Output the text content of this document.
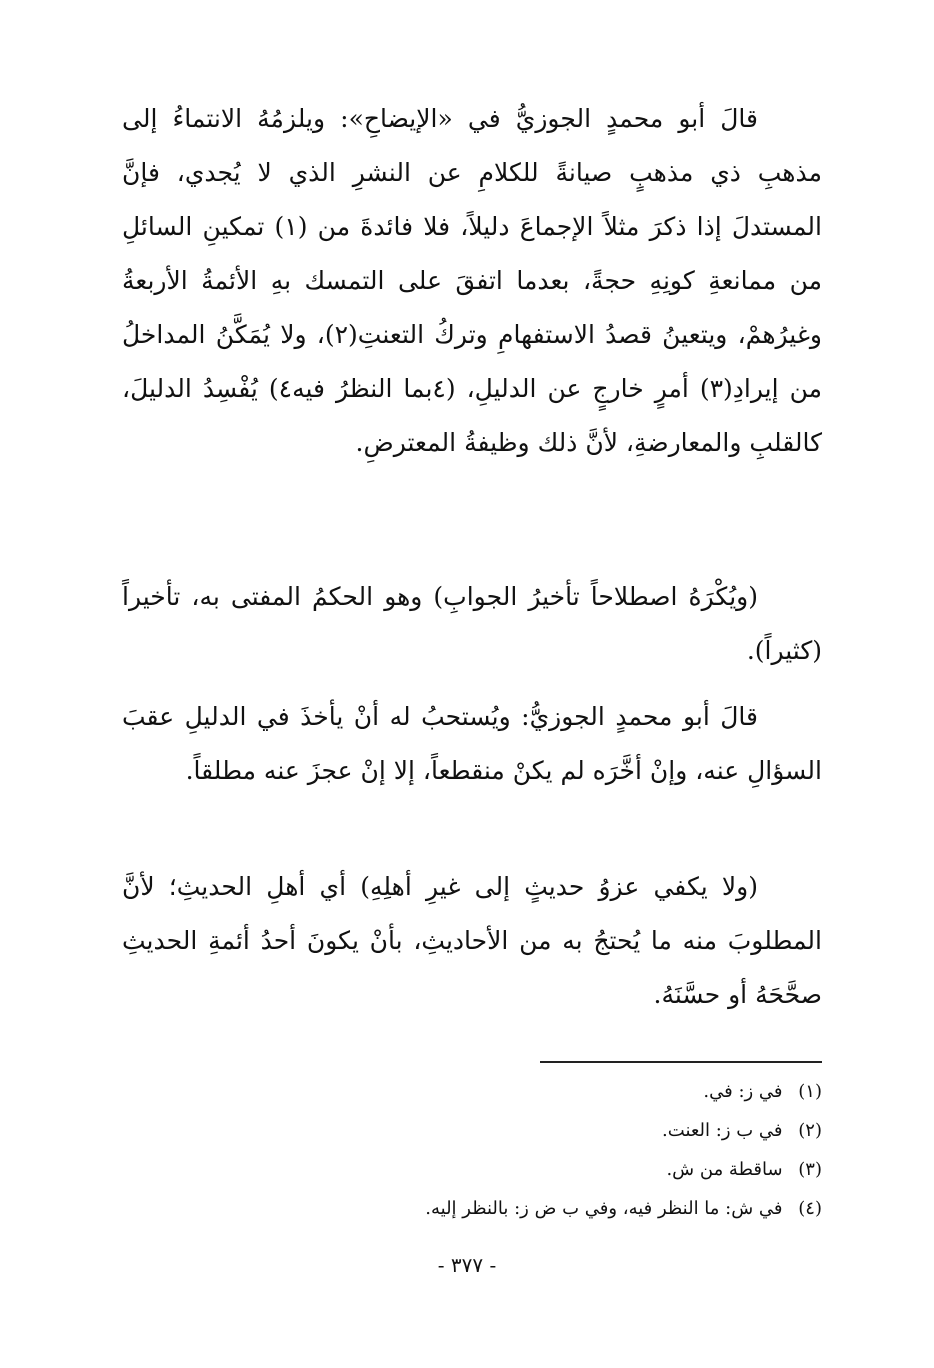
قالَ أبو محمدٍ الجوزيُّ في «الإيضاحِ»: ويلزمُهُ الانتماءُ إلى مذهبِ ذي مذهبٍ صيانةً للكلامِ عن النشرِ الذي لا يُجدي، فإنَّ المستدلَ إذا ذكرَ مثلاً الإجماعَ دليلاً، فلا فائدةَ من (١) تمكينِ السائلِ من ممانعةِ كونِهِ حجةً، بعدما اتفقَ على التمسك بهِ الأئمةُ الأربعةُ وغيرُهمْ، ويتعينُ قصدُ الاستفهامِ وتركُ التعنتِ(٢)، ولا يُمَكَّنُ المداخلُ من إيرادِ(٣) أمرٍ خارجٍ عن الدليلِ، (٤بما النظرُ فيه٤) يُفْسِدُ الدليلَ، كالقلبِ والمعارضةِ، لأنَّ ذلك وظيفةُ المعترضِ.

(ويُكْرَهُ اصطلاحاً تأخيرُ الجوابِ) وهو الحكمُ المفتى به، تأخيراً (كثيراً).

قالَ أبو محمدٍ الجوزيُّ: ويُستحبُ له أنْ يأخذَ في الدليلِ عقبَ السؤالِ عنه، وإنْ أخَّرَه لم يكنْ منقطعاً، إلا إنْ عجزَ عنه مطلقاً.

(ولا يكفي عزوُ حديثٍ إلى غيرِ أهلِهِ) أي أهلِ الحديثِ؛ لأنَّ المطلوبَ منه ما يُحتجُ به من الأحاديثِ، بأنْ يكونَ أحدُ أئمةِ الحديثِ صحَّحَهُ أو حسَّنَهُ.

(١) في ز: في.
(٢) في ب ز: العنت.
(٣) ساقطة من ش.
(٤) في ش: ما النظر فيه، وفي ب ض ز: بالنظر إليه.
- ٣٧٧ -
